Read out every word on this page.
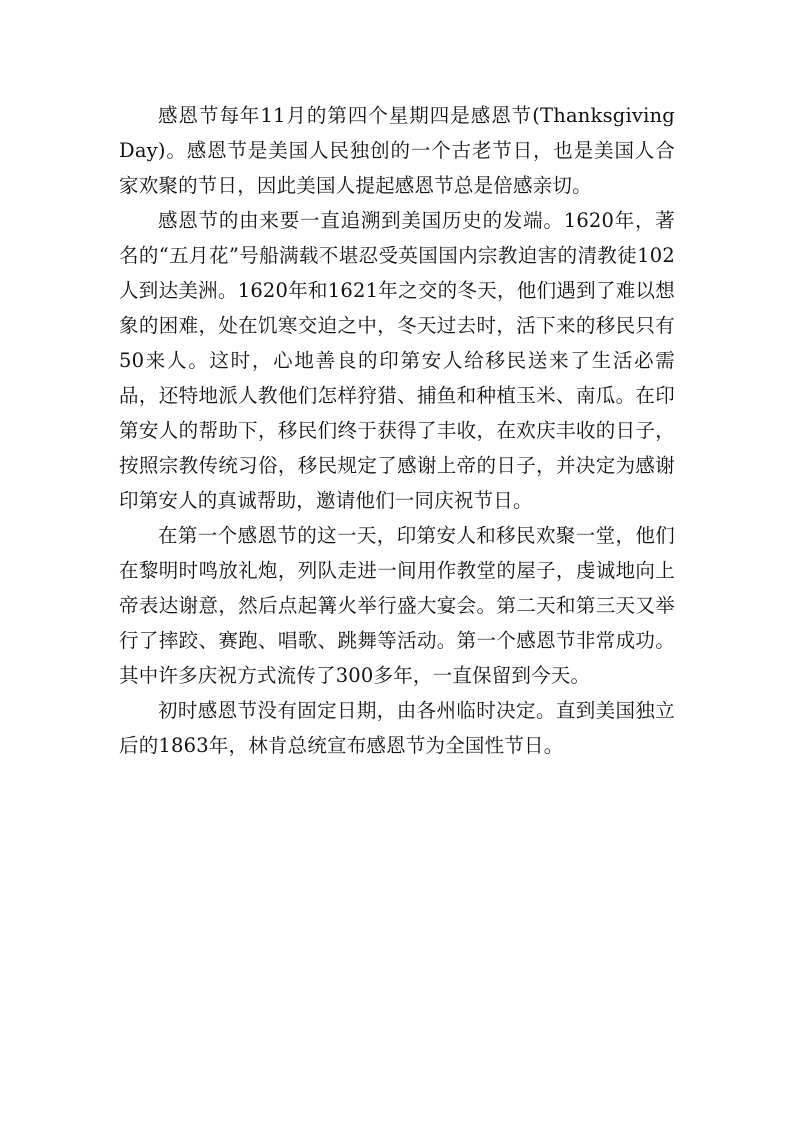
感恩节每年11月的第四个星期四是感恩节(ThanksgivingDay)。感恩节是美国人民独创的一个古老节日，也是美国人合家欢聚的节日，因此美国人提起感恩节总是倍感亲切。

感恩节的由来要一直追溯到美国历史的发端。1620年，著名的“五月花”号船满载不堪忍受英国国内宗教迫害的清教徒102人到达美洲。1620年和1621年之交的冬天，他们遇到了难以想象的困难，处在饥寒交迫之中，冬天过去时，活下来的移民只有50来人。这时，心地善良的印第安人给移民送来了生活必需品，还特地派人教他们怎样狩猎、捕鱼和种植玉米、南瓜。在印第安人的帮助下，移民们终于获得了丰收，在欢庆丰收的日子，按照宗教传统习俗，移民规定了感谢上帝的日子，并决定为感谢印第安人的真诚帮助，邀请他们一同庆祝节日。

在第一个感恩节的这一天，印第安人和移民欢聚一堂，他们在黎明时鸣放礼炮，列队走进一间用作教堂的屋子，虔诚地向上帝表达谢意，然后点起篝火举行盛大宴会。第二天和第三天又举行了摔跤、赛跑、唱歌、跳舞等活动。第一个感恩节非常成功。其中许多庆祝方式流传了300多年，一直保留到今天。

初时感恩节没有固定日期，由各州临时决定。直到美国独立后的1863年，林肯总统宣布感恩节为全国性节日。
